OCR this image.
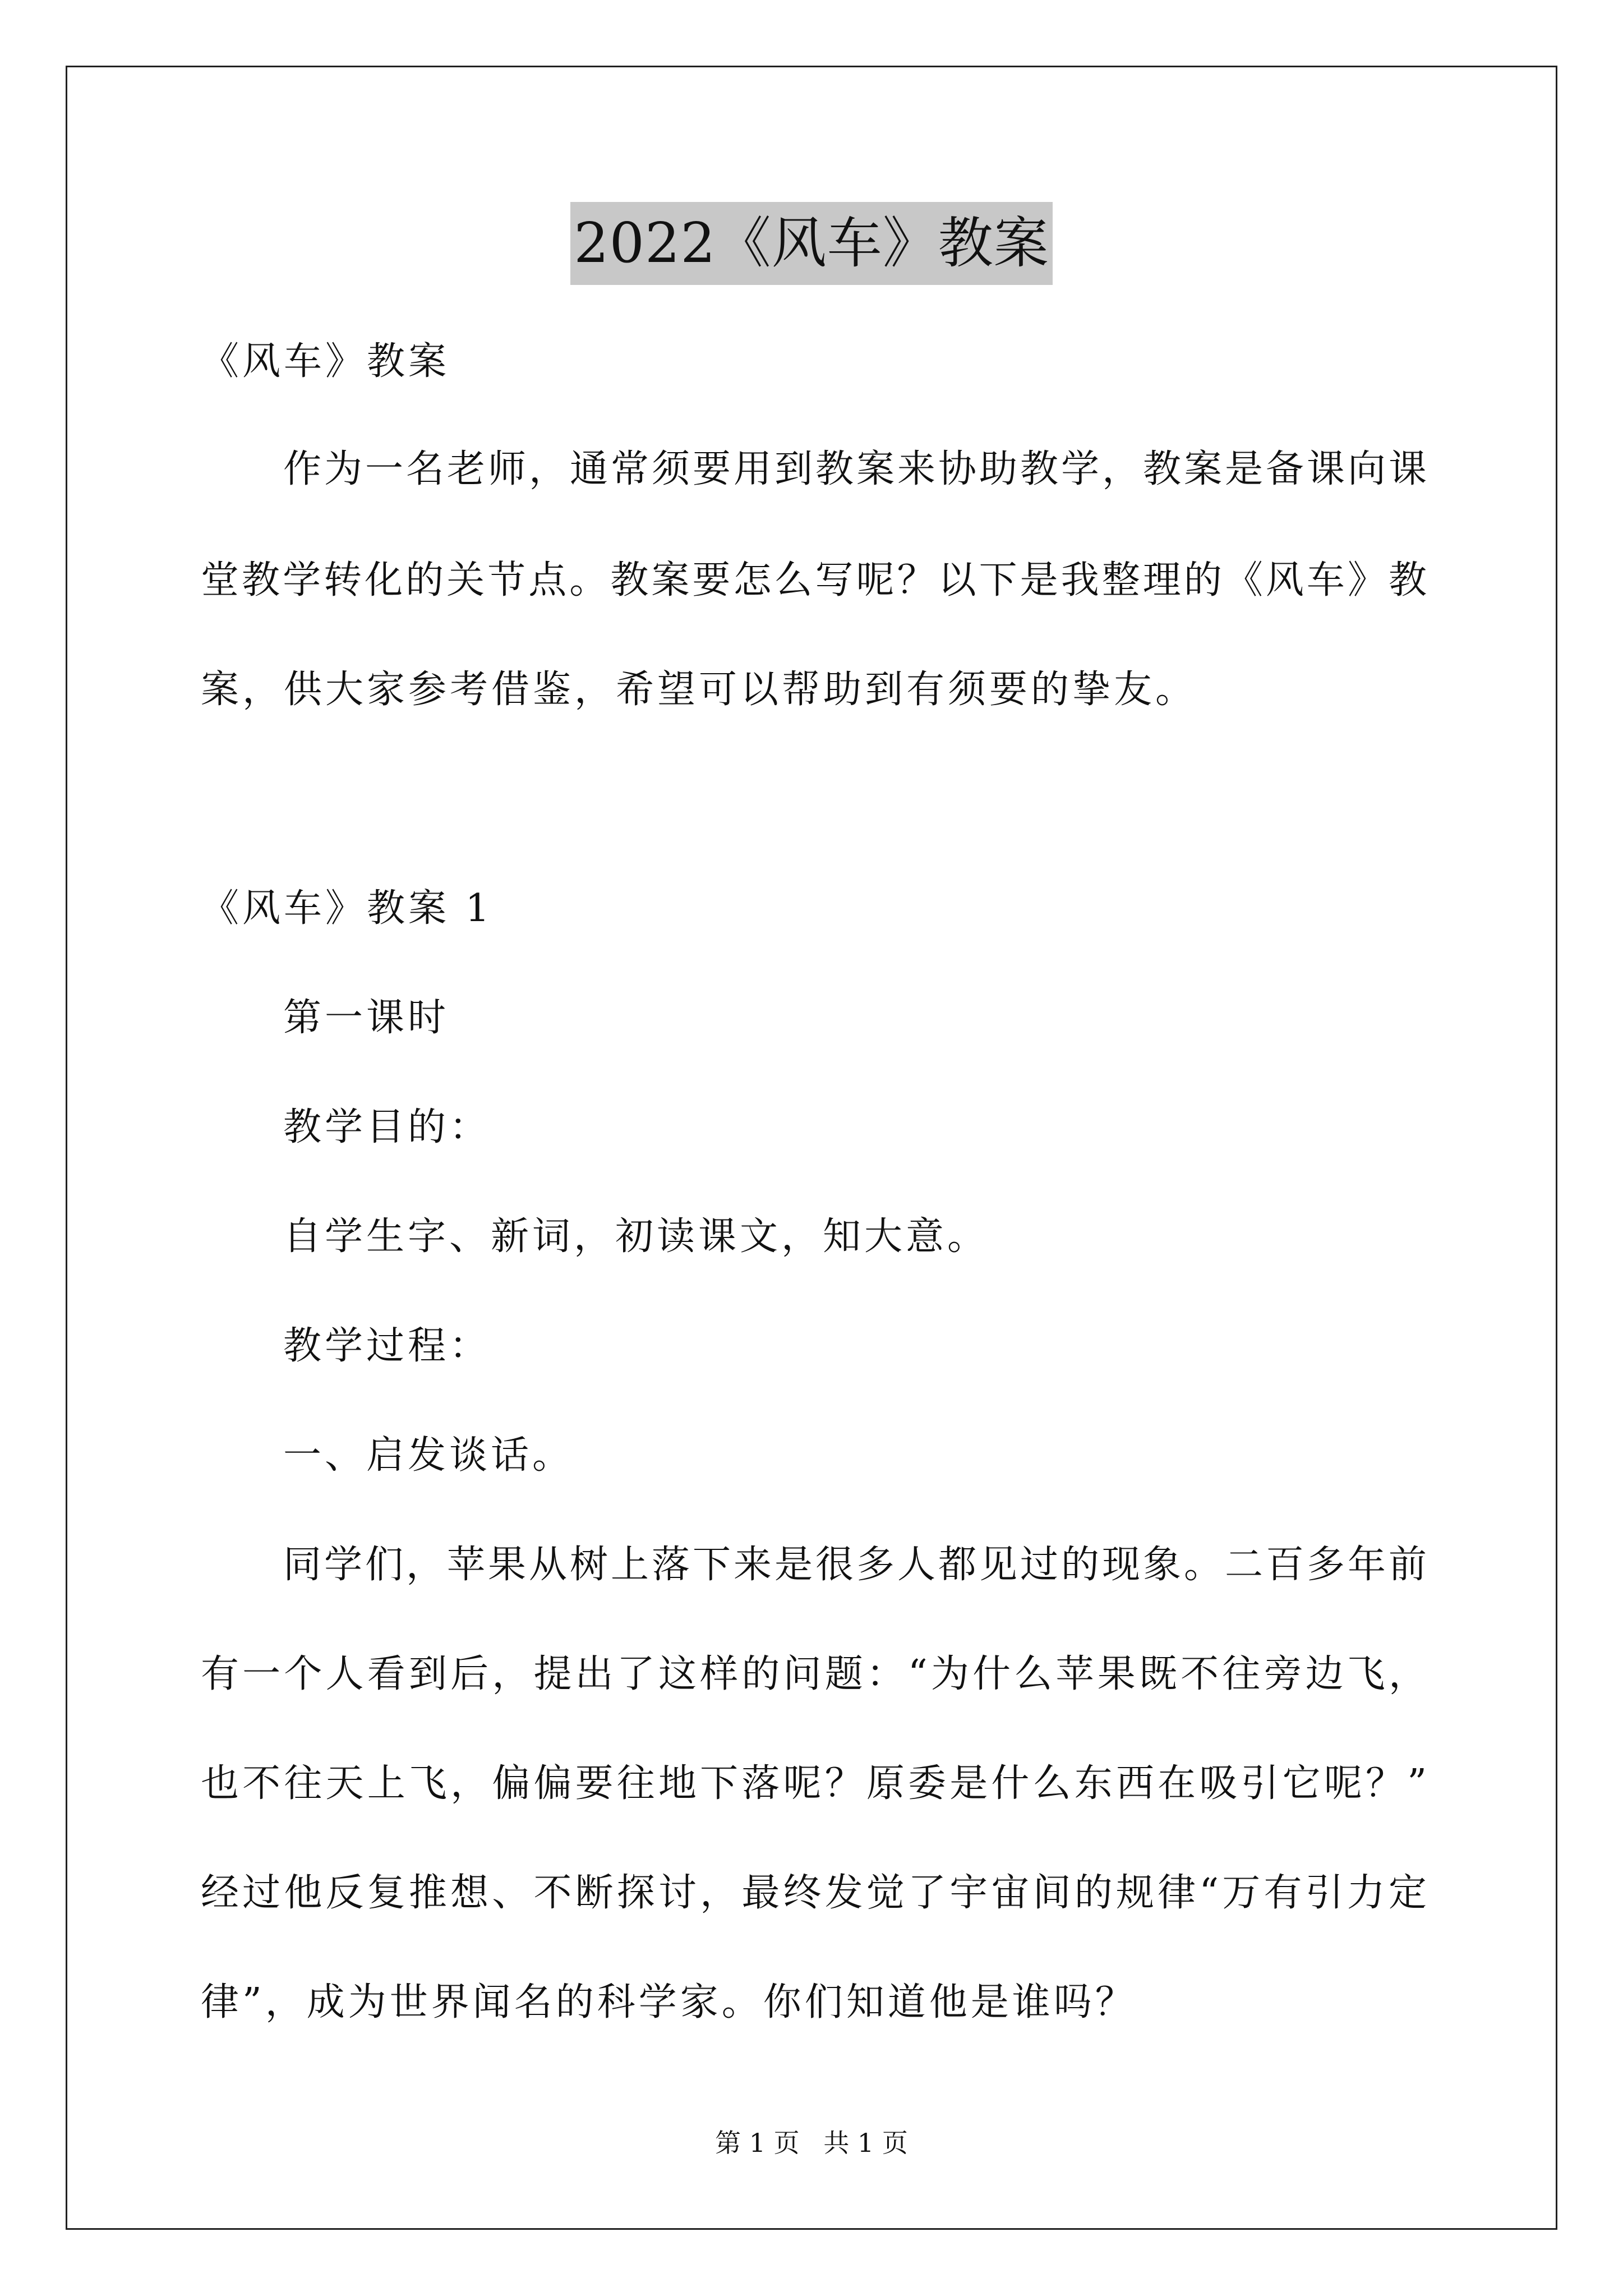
2022《风车》教案
《风车》教案
作为一名老师，通常须要用到教案来协助教学，教案是备课向课
堂教学转化的关节点。教案要怎么写呢？以下是我整理的《风车》教
案，供大家参考借鉴，希望可以帮助到有须要的挚友。
《风车》教案 1
第一课时
教学目的：
自学生字、新词，初读课文，知大意。
教学过程：
一、启发谈话。
同学们，苹果从树上落下来是很多人都见过的现象。二百多年前
有一个人看到后，提出了这样的问题：“为什么苹果既不往旁边飞，
也不往天上飞，偏偏要往地下落呢？原委是什么东西在吸引它呢？”
经过他反复推想、不断探讨，最终发觉了宇宙间的规律“万有引力定
律”，成为世界闻名的科学家。你们知道他是谁吗？
第 1 页 共 1 页
